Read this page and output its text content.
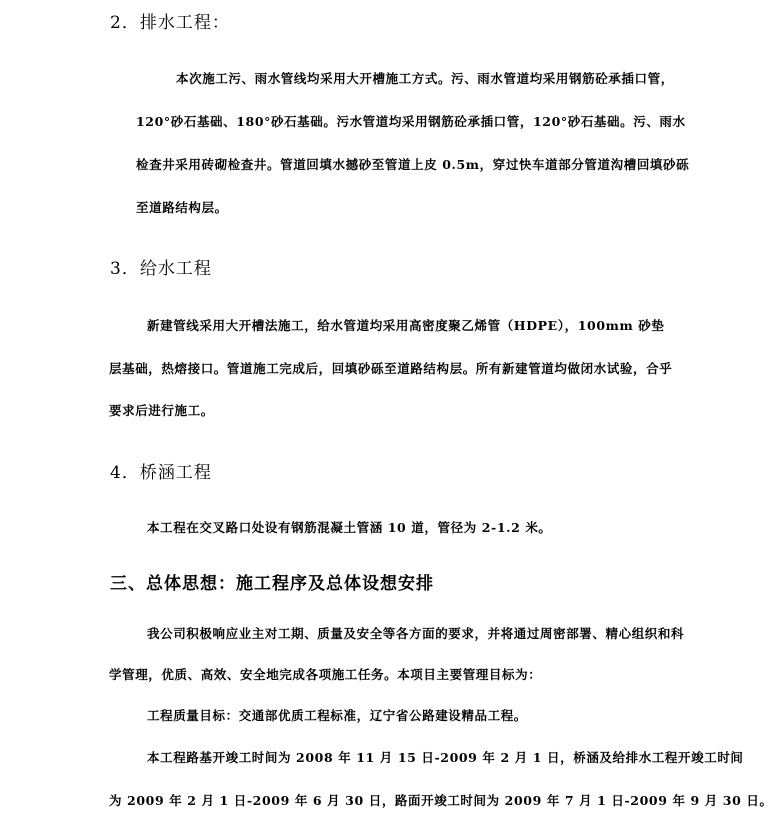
2．排水工程：

本次施工污、雨水管线均采用大开槽施工方式。污、雨水管道均采用钢筋砼承插口管，

120°砂石基础、180°砂石基础。污水管道均采用钢筋砼承插口管，120°砂石基础。污、雨水

检查井采用砖砌检查井。管道回填水撼砂至管道上皮 0.5m，穿过快车道部分管道沟槽回填砂砾

至道路结构层。

3．给水工程

新建管线采用大开槽法施工，给水管道均采用高密度聚乙烯管（HDPE），100mm 砂垫

层基础，热熔接口。管道施工完成后，回填砂砾至道路结构层。所有新建管道均做闭水试验，合乎

要求后进行施工。

4．桥涵工程

本工程在交叉路口处设有钢筋混凝土管涵 10 道，管径为 2-1.2 米。

三、总体思想：施工程序及总体设想安排

我公司积极响应业主对工期、质量及安全等各方面的要求，并将通过周密部署、精心组织和科

学管理，优质、高效、安全地完成各项施工任务。本项目主要管理目标为：

工程质量目标：交通部优质工程标准，辽宁省公路建设精品工程。

本工程路基开竣工时间为 2008 年 11 月 15 日-2009 年 2 月 1 日，桥涵及给排水工程开竣工时间

为 2009 年 2 月 1 日-2009 年 6 月 30 日，路面开竣工时间为 2009 年 7 月 1 日-2009 年 9 月 30 日。
